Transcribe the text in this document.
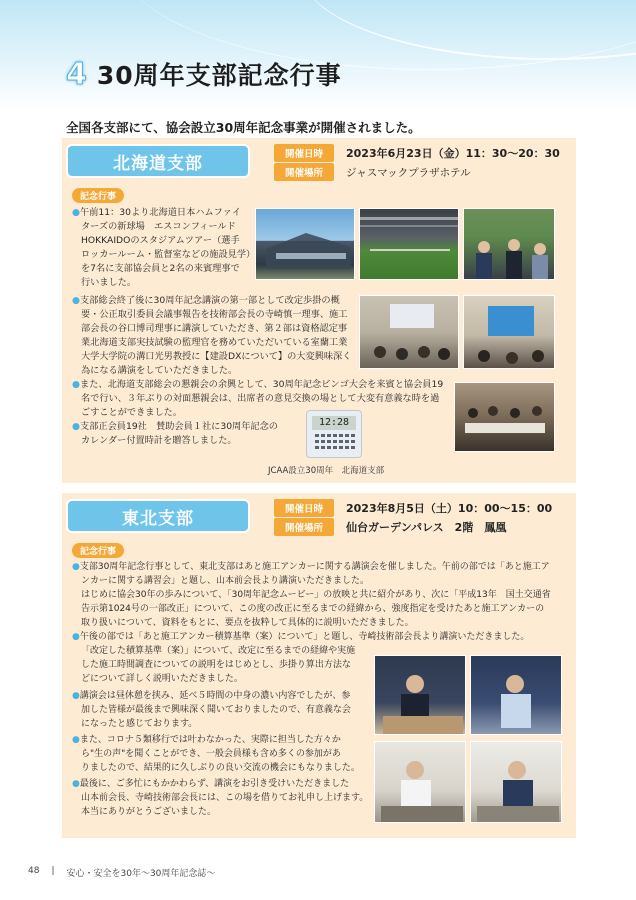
4 30周年支部記念行事
全国各支部にて、協会設立30周年記念事業が開催されました。
北海道支部	開催日時	2023年6月23日（金）11：30〜20：30
開催場所	ジャスマックプラザホテル
記念行事
●午前11：30より北海道日本ハムファイ
ターズの新球場　エスコンフィールド
HOKKAIDOのスタジアムツアー（選手
ロッカールーム・監督室などの施設見学）
を7名に支部協会員と2名の来賓理事で
行いました。
●支部総会終了後に30周年記念講演の第一部として改定歩掛の概
要・公正取引委員会議事報告を技術部会長の寺崎慎一理事、施工
部会長の谷口博司理事に講演していただき、第２部は資格認定事
業北海道支部実技試験の監理官を務めていただいている室蘭工業
大学大学院の溝口光男教授に【建設DXについて】の大変興味深く
為になる講演をしていただきました。
●また、北海道支部総会の懇親会の余興として、30周年記念ビンゴ大会を来賓と協会員19
名で行い、３年ぶりの対面懇親会は、出席者の意見交換の場として大変有意義な時を過
ごすことができました。
●支部正会員19社　賛助会員１社に30周年記念の
カレンダー付置時計を贈答しました。
12:28
JCAA設立30周年　北海道支部
東北支部	開催日時	2023年8月5日（土）10：00〜15：00
開催場所	仙台ガーデンパレス　2階　鳳凰
記念行事
●支部30周年記念行事として、東北支部はあと施工アンカーに関する講演会を催しました。午前の部では「あと施工ア
ンカーに関する講習会」と題し、山本前会長より講演いただきました。
はじめに協会30年の歩みについて、「30周年記念ムービー」の放映と共に紹介があり、次に「平成13年　国土交通省
告示第1024号の一部改正」について、この度の改正に至るまでの経緯から、強度指定を受けたあと施工アンカーの
取り扱いについて、資料をもとに、要点を抜粋して具体的に説明いただきました。
●午後の部では「あと施工アンカー積算基準（案）について」と題し、寺崎技術部会長より講演いただきました。
「改定した積算基準（案）」について、改定に至るまでの経緯や実施
した施工時間調査についての説明をはじめとし、歩掛り算出方法な
どについて詳しく説明いただきました。
●講演会は昼休憩を挟み、延べ５時間の中身の濃い内容でしたが、参
加した皆様が最後まで興味深く聞いておりましたので、有意義な会
になったと感じております。
●また、コロナ５類移行では叶わなかった、実際に担当した方々か
ら"生の声"を聞くことができ、一般会員様も含め多くの参加があ
りましたので、結果的に久しぶりの良い交流の機会にもなりました。
●最後に、ご多忙にもかかわらず、講演をお引き受けいただきました
山本前会長、寺崎技術部会長には、この場を借りてお礼申し上げます。
本当にありがとうございました。
48 | 安心・安全を30年〜30周年記念誌〜
